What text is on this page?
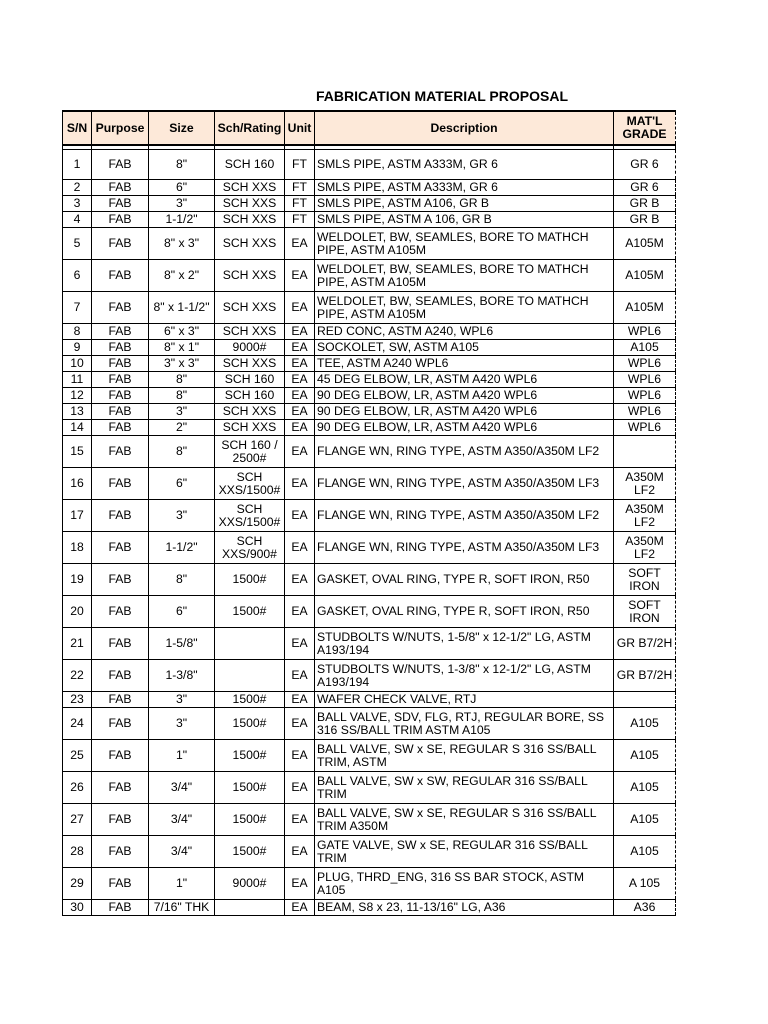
FABRICATION MATERIAL PROPOSAL
S/N	Purpose	Size	Sch/Rating	Unit	Description	MAT'L GRADE

1	FAB	8"	SCH 160	FT	SMLS PIPE, ASTM A333M, GR 6	GR 6
2	FAB	6"	SCH XXS	FT	SMLS PIPE, ASTM A333M, GR 6	GR 6
3	FAB	3"	SCH XXS	FT	SMLS PIPE, ASTM A106, GR B	GR B
4	FAB	1-1/2"	SCH XXS	FT	SMLS PIPE, ASTM A 106, GR B	GR B
5	FAB	8" x 3"	SCH XXS	EA	WELDOLET, BW, SEAMLES, BORE TO MATHCH PIPE, ASTM A105M	A105M
6	FAB	8" x 2"	SCH XXS	EA	WELDOLET, BW, SEAMLES, BORE TO MATHCH PIPE, ASTM A105M	A105M
7	FAB	8" x 1-1/2"	SCH XXS	EA	WELDOLET, BW, SEAMLES, BORE TO MATHCH PIPE, ASTM A105M	A105M
8	FAB	6" x 3"	SCH XXS	EA	RED CONC, ASTM A240, WPL6	WPL6
9	FAB	8" x 1"	9000#	EA	SOCKOLET, SW, ASTM A105	A105
10	FAB	3" x 3"	SCH XXS	EA	TEE, ASTM A240 WPL6	WPL6
11	FAB	8"	SCH 160	EA	45 DEG ELBOW, LR, ASTM A420 WPL6	WPL6
12	FAB	8"	SCH 160	EA	90 DEG ELBOW, LR, ASTM A420 WPL6	WPL6
13	FAB	3"	SCH XXS	EA	90 DEG ELBOW, LR, ASTM A420 WPL6	WPL6
14	FAB	2"	SCH XXS	EA	90 DEG ELBOW, LR, ASTM A420 WPL6	WPL6
15	FAB	8"	SCH 160 / 2500#	EA	FLANGE WN, RING TYPE, ASTM A350/A350M LF2	
16	FAB	6"	SCH XXS/1500#	EA	FLANGE WN, RING TYPE, ASTM A350/A350M LF3	A350M LF2
17	FAB	3"	SCH XXS/1500#	EA	FLANGE WN, RING TYPE, ASTM A350/A350M LF2	A350M LF2
18	FAB	1-1/2"	SCH XXS/900#	EA	FLANGE WN, RING TYPE, ASTM A350/A350M LF3	A350M LF2
19	FAB	8"	1500#	EA	GASKET, OVAL RING, TYPE R, SOFT IRON, R50	SOFT IRON
20	FAB	6"	1500#	EA	GASKET, OVAL RING, TYPE R, SOFT IRON, R50	SOFT IRON
21	FAB	1-5/8"		EA	STUDBOLTS W/NUTS, 1-5/8" x 12-1/2" LG, ASTM A193/194	GR B7/2H
22	FAB	1-3/8"		EA	STUDBOLTS W/NUTS, 1-3/8" x 12-1/2" LG, ASTM A193/194	GR B7/2H
23	FAB	3"	1500#	EA	WAFER CHECK VALVE, RTJ	
24	FAB	3"	1500#	EA	BALL VALVE, SDV, FLG, RTJ, REGULAR BORE, SS 316 SS/BALL TRIM ASTM A105	A105
25	FAB	1"	1500#	EA	BALL VALVE, SW x SE, REGULAR S 316 SS/BALL TRIM, ASTM	A105
26	FAB	3/4"	1500#	EA	BALL VALVE, SW x SW, REGULAR 316 SS/BALL TRIM	A105
27	FAB	3/4"	1500#	EA	BALL VALVE, SW x SE, REGULAR S 316 SS/BALL TRIM A350M	A105
28	FAB	3/4"	1500#	EA	GATE VALVE, SW x SE, REGULAR 316 SS/BALL TRIM	A105
29	FAB	1"	9000#	EA	PLUG, THRD_ENG, 316 SS BAR STOCK, ASTM A105	A 105
30	FAB	7/16" THK		EA	BEAM, S8 x 23, 11-13/16" LG, A36	A36
